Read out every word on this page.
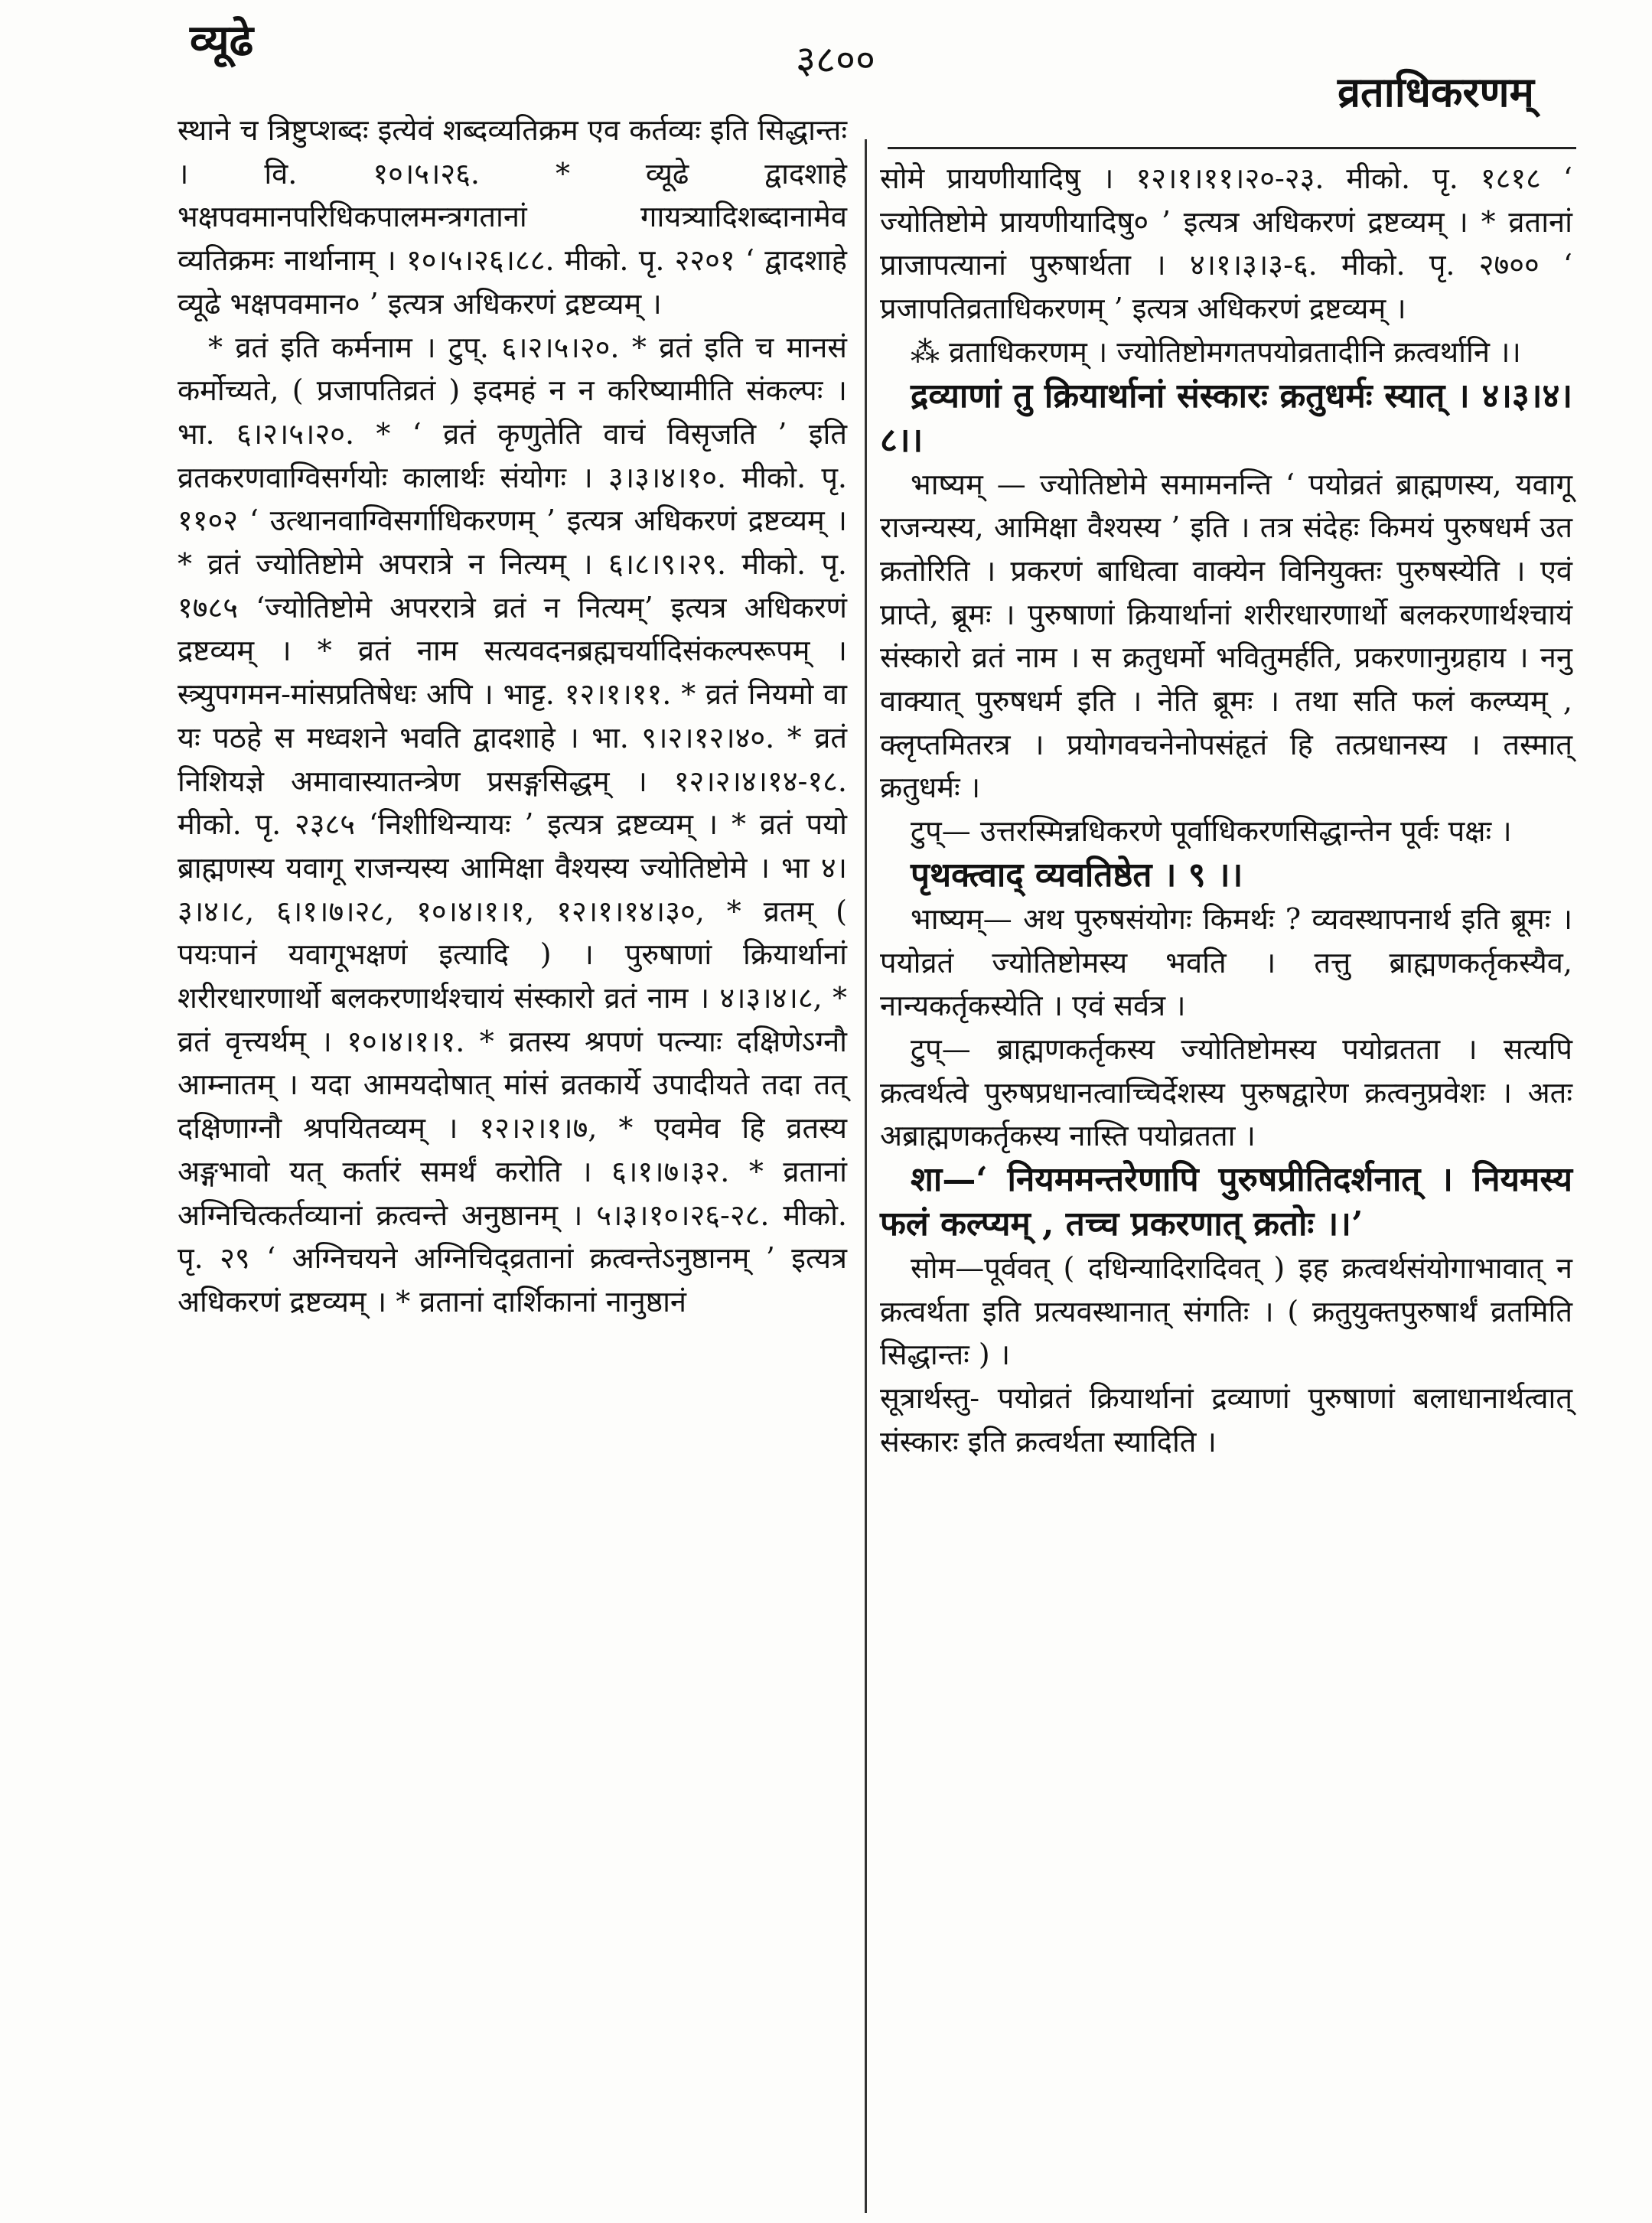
व्यूढे	३८००
व्रताधिकरणम्

स्थाने च त्रिष्टुप्शब्दः इत्येवं शब्दव्यतिक्रम एव कर्तव्यः इति सिद्धान्तः । वि. १०।५।२६. * व्यूढे द्वादशाहे भक्षपवमानपरिधिकपालमन्त्रगतानां गायत्र्यादिशब्दानामेव व्यतिक्रमः नार्थानाम् । १०।५।२६।८८. मीको. पृ. २२०१ ‘ द्वादशाहे व्यूढे भक्षपवमान० ’ इत्यत्र अधिकरणं द्रष्टव्यम् ।

* व्रतं इति कर्मनाम । टुप्. ६।२।५।२०. * व्रतं इति च मानसं कर्मोच्यते, ( प्रजापतिव्रतं ) इदमहं न न करिष्यामीति संकल्पः । भा. ६।२।५।२०. * ‘ व्रतं कृणुतेति वाचं विसृजति ’ इति व्रतकरणवाग्विसर्गयोः कालार्थः संयोगः । ३।३।४।१०. मीको. पृ. ११०२ ‘ उत्थानवाग्विसर्गाधिकरणम् ’ इत्यत्र अधिकरणं द्रष्टव्यम् । * व्रतं ज्योतिष्टोमे अपरात्रे न नित्यम् । ६।८।९।२९. मीको. पृ. १७८५ ‘ज्योतिष्टोमे अपररात्रे व्रतं न नित्यम्’ इत्यत्र अधिकरणं द्रष्टव्यम् । * व्रतं नाम सत्यवदनब्रह्मचर्यादिसंकल्परूपम् । स्त्र्युपगमन-मांसप्रतिषेधः अपि । भाट्ट. १२।१।११. * व्रतं नियमो वा यः पठहे स मध्वशने भवति द्वादशाहे । भा. ९।२।१२।४०. * व्रतं निशियज्ञे अमावास्यातन्त्रेण प्रसङ्गसिद्धम् । १२।२।४।१४-१८. मीको. पृ. २३८५ ‘निशीथिन्यायः ’ इत्यत्र द्रष्टव्यम् । * व्रतं पयो ब्राह्मणस्य यवागू राजन्यस्य आमिक्षा वैश्यस्य ज्योतिष्टोमे । भा ४।३।४।८, ६।१।७।२८, १०।४।१।१, १२।१।१४।३०, * व्रतम् ( पयःपानं यवागूभक्षणं इत्यादि ) । पुरुषाणां क्रियार्थानां शरीरधारणार्थो बलकरणार्थश्चायं संस्कारो व्रतं नाम । ४।३।४।८, * व्रतं वृत्त्यर्थम् । १०।४।१।१. * व्रतस्य श्रपणं पत्न्याः दक्षिणेऽग्नौ आम्नातम् । यदा आमयदोषात् मांसं व्रतकार्ये उपादीयते तदा तत् दक्षिणाग्नौ श्रपयितव्यम् । १२।२।१।७, * एवमेव हि व्रतस्य अङ्गभावो यत् कर्तारं समर्थं करोति । ६।१।७।३२. * व्रतानां अग्निचित्कर्तव्यानां क्रत्वन्ते अनुष्ठानम् । ५।३।१०।२६-२८. मीको. पृ. २९ ‘ अग्निचयने अग्निचिद्व्रतानां क्रत्वन्तेऽनुष्ठानम् ’ इत्यत्र अधिकरणं द्रष्टव्यम् । * व्रतानां दार्शिकानां नानुष्ठानं

सोमे प्रायणीयादिषु । १२।१।११।२०-२३. मीको. पृ. १८१८ ‘ ज्योतिष्टोमे प्रायणीयादिषु० ’ इत्यत्र अधिकरणं द्रष्टव्यम् । * व्रतानां प्राजापत्यानां पुरुषार्थता । ४।१।३।३-६. मीको. पृ. २७०० ‘ प्रजापतिव्रताधिकरणम् ’ इत्यत्र अधिकरणं द्रष्टव्यम् ।

⁂ व्रताधिकरणम् । ज्योतिष्टोमगतपयोव्रतादीनि क्रत्वर्थानि ।।

द्रव्याणां तु क्रियार्थानां संस्कारः क्रतुधर्मः स्यात् । ४।३।४।८।।

भाष्यम् — ज्योतिष्टोमे समामनन्ति ‘ पयोव्रतं ब्राह्मणस्य, यवागू राजन्यस्य, आमिक्षा वैश्यस्य ’ इति । तत्र संदेहः किमयं पुरुषधर्म उत क्रतोरिति । प्रकरणं बाधित्वा वाक्येन विनियुक्तः पुरुषस्येति । एवं प्राप्ते, ब्रूमः । पुरुषाणां क्रियार्थानां शरीरधारणार्थो बलकरणार्थश्चायं संस्कारो व्रतं नाम । स क्रतुधर्मो भवितुमर्हति, प्रकरणानुग्रहाय । ननु वाक्यात् पुरुषधर्म इति । नेति ब्रूमः । तथा सति फलं कल्प्यम् , क्लृप्तमितरत्र । प्रयोगवचनेनोपसंहृतं हि तत्प्रधानस्य । तस्मात् क्रतुधर्मः ।

टुप्— उत्तरस्मिन्नधिकरणे पूर्वाधिकरणसिद्धान्तेन पूर्वः पक्षः ।

पृथक्त्वाद् व्यवतिष्ठेत । ९ ।।

भाष्यम्— अथ पुरुषसंयोगः किमर्थः ? व्यवस्थापनार्थ इति ब्रूमः । पयोव्रतं ज्योतिष्टोमस्य भवति । तत्तु ब्राह्मणकर्तृकस्यैव, नान्यकर्तृकस्येति । एवं सर्वत्र ।

टुप्— ब्राह्मणकर्तृकस्य ज्योतिष्टोमस्य पयोव्रतता । सत्यपि क्रत्वर्थत्वे पुरुषप्रधानत्वाच्चिर्देशस्य पुरुषद्वारेण क्रत्वनुप्रवेशः । अतः अब्राह्मणकर्तृकस्य नास्ति पयोव्रतता ।

शा—‘ नियममन्तरेणापि पुरुषप्रीतिदर्शनात् । नियमस्य फलं कल्प्यम् , तच्च प्रकरणात् क्रतोः ।।’

सोम—पूर्ववत् ( दधिन्यादिरादिवत् ) इह क्रत्वर्थसंयोगाभावात् न क्रत्वर्थता इति प्रत्यवस्थानात् संगतिः । ( क्रतुयुक्तपुरुषार्थं व्रतमिति सिद्धान्तः ) ।

सूत्रार्थस्तु- पयोव्रतं क्रियार्थानां द्रव्याणां पुरुषाणां बलाधानार्थत्वात् संस्कारः इति क्रत्वर्थता स्यादिति ।
